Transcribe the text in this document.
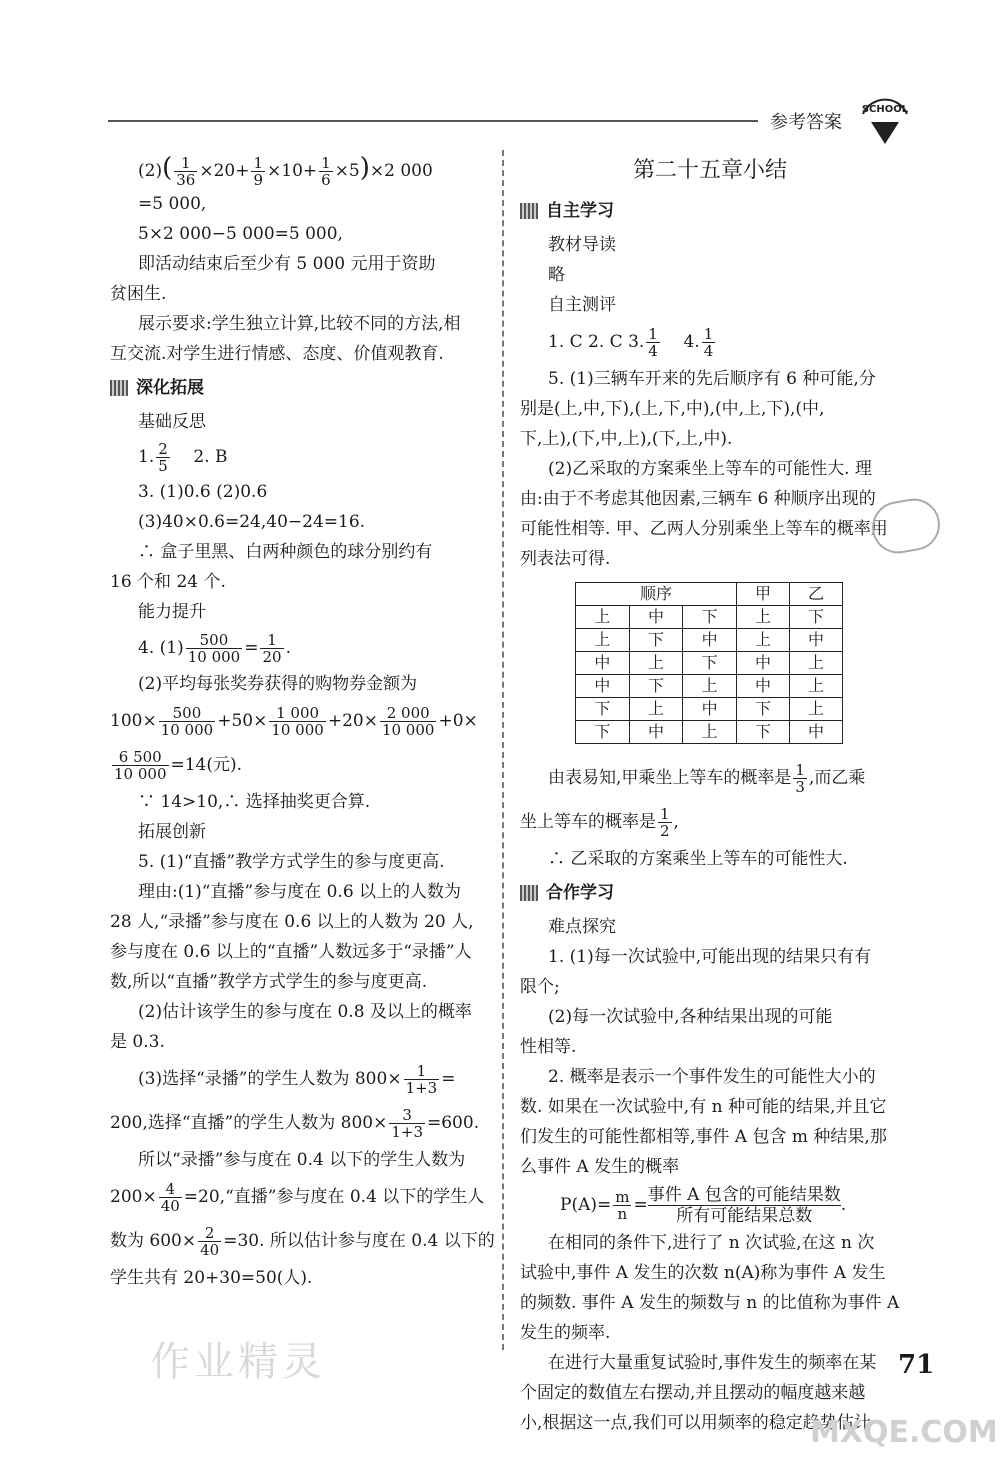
参考答案
SCHOOL
$(2)( \frac{1}{36} \times 20+ \frac{1}{9} \times 10+ \frac{1}{6} \times 5)\times 2$ 000
=5 000,
5×2 000−5 000=5 000,
即活动结束后至少有 5 000 元用于资助
贫困生.
展示要求:学生独立计算,比较不同的方法,相
互交流.对学生进行情感、态度、价值观教育.
深化拓展
基础反思
1. $\frac{2}{5} 2$. B
3. (1)0.6 (2)0.6
(3)40×0.6=24,40−24=16.
∴ 盒子里黑、白两种颜色的球分别约有
16 个和 24 个.
能力提升
4. $(1) \frac{500}{10 000} = \frac{1}{20}$ .
(2)平均每张奖券获得的购物券金额为
$100\times \frac{500}{10 000} +50\times \frac{1 000}{10 000} +20\times \frac{2 000}{10 000} +0\times$
$\frac{6 500}{10 000} =14$(元).
∵ 14>10,∴ 选择抽奖更合算.
拓展创新
5. (1)“直播”教学方式学生的参与度更高.
理由:(1)“直播”参与度在 0.6 以上的人数为
28 人,“录播”参与度在 0.6 以上的人数为 20 人,
参与度在 0.6 以上的“直播”人数远多于“录播”人
数,所以“直播”教学方式学生的参与度更高.
(2)估计该学生的参与度在 0.8 及以上的概率
是 0.3.
(3)选择“录播”的学生人数为 $800\times \frac{1}{1+3}$ =
200,选择“直播”的学生人数为 $800\times \frac{3}{1+3} =600$.
所以“录播”参与度在 0.4 以下的学生人数为
$200\times \frac{4}{40}$ =20,“直播”参与度在 0.4 以下的学生人
数为 $600\times \frac{2}{40} =30$. 所以估计参与度在 0.4 以下的
学生共有 20+30=50(人).
第二十五章小结
自主学习
教材导读
略
自主测评
1. C 2. C 3. $\frac{1}{4} 4$. $\frac{1}{4}$
5. (1)三辆车开来的先后顺序有 6 种可能,分
别是(上,中,下),(上,下,中),(中,上,下),(中,
下,上),(下,中,上),(下,上,中).
(2)乙采取的方案乘坐上等车的可能性大. 理
由:由于不考虑其他因素,三辆车 6 种顺序出现的
可能性相等. 甲、乙两人分别乘坐上等车的概率用
列表法可得.
顺序			甲	乙
上	中	下	上	下
上	下	中	上	中
中	上	下	中	上
中	下	上	中	上
下	上	中	下	上
下	中	上	下	中
由表易知,甲乘坐上等车的概率是 $\frac{1}{3}$ ,而乙乘
坐上等车的概率是 $\frac{1}{2}$ ,
∴ 乙采取的方案乘坐上等车的可能性大.
合作学习
难点探究
1. (1)每一次试验中,可能出现的结果只有有
限个;
(2)每一次试验中,各种结果出现的可能
性相等.
2. 概率是表示一个事件发生的可能性大小的
数. 如果在一次试验中,有 n 种可能的结果,并且它
们发生的可能性都相等,事件 A 包含 m 种结果,那
么事件 A 发生的概率
$P(A)= \frac{m}{n} = \frac{\text{事件 A 包含的可能结果数}}{\text{所有可能结果总数}}$ .
在相同的条件下,进行了 n 次试验,在这 n 次
试验中,事件 A 发生的次数 n(A)称为事件 A 发生
的频数. 事件 A 发生的频数与 n 的比值称为事件 A
发生的频率.
在进行大量重复试验时,事件发生的频率在某
个固定的数值左右摆动,并且摆动的幅度越来越
小,根据这一点,我们可以用频率的稳定趋势估计
作业精灵	71
MXQE.COM
